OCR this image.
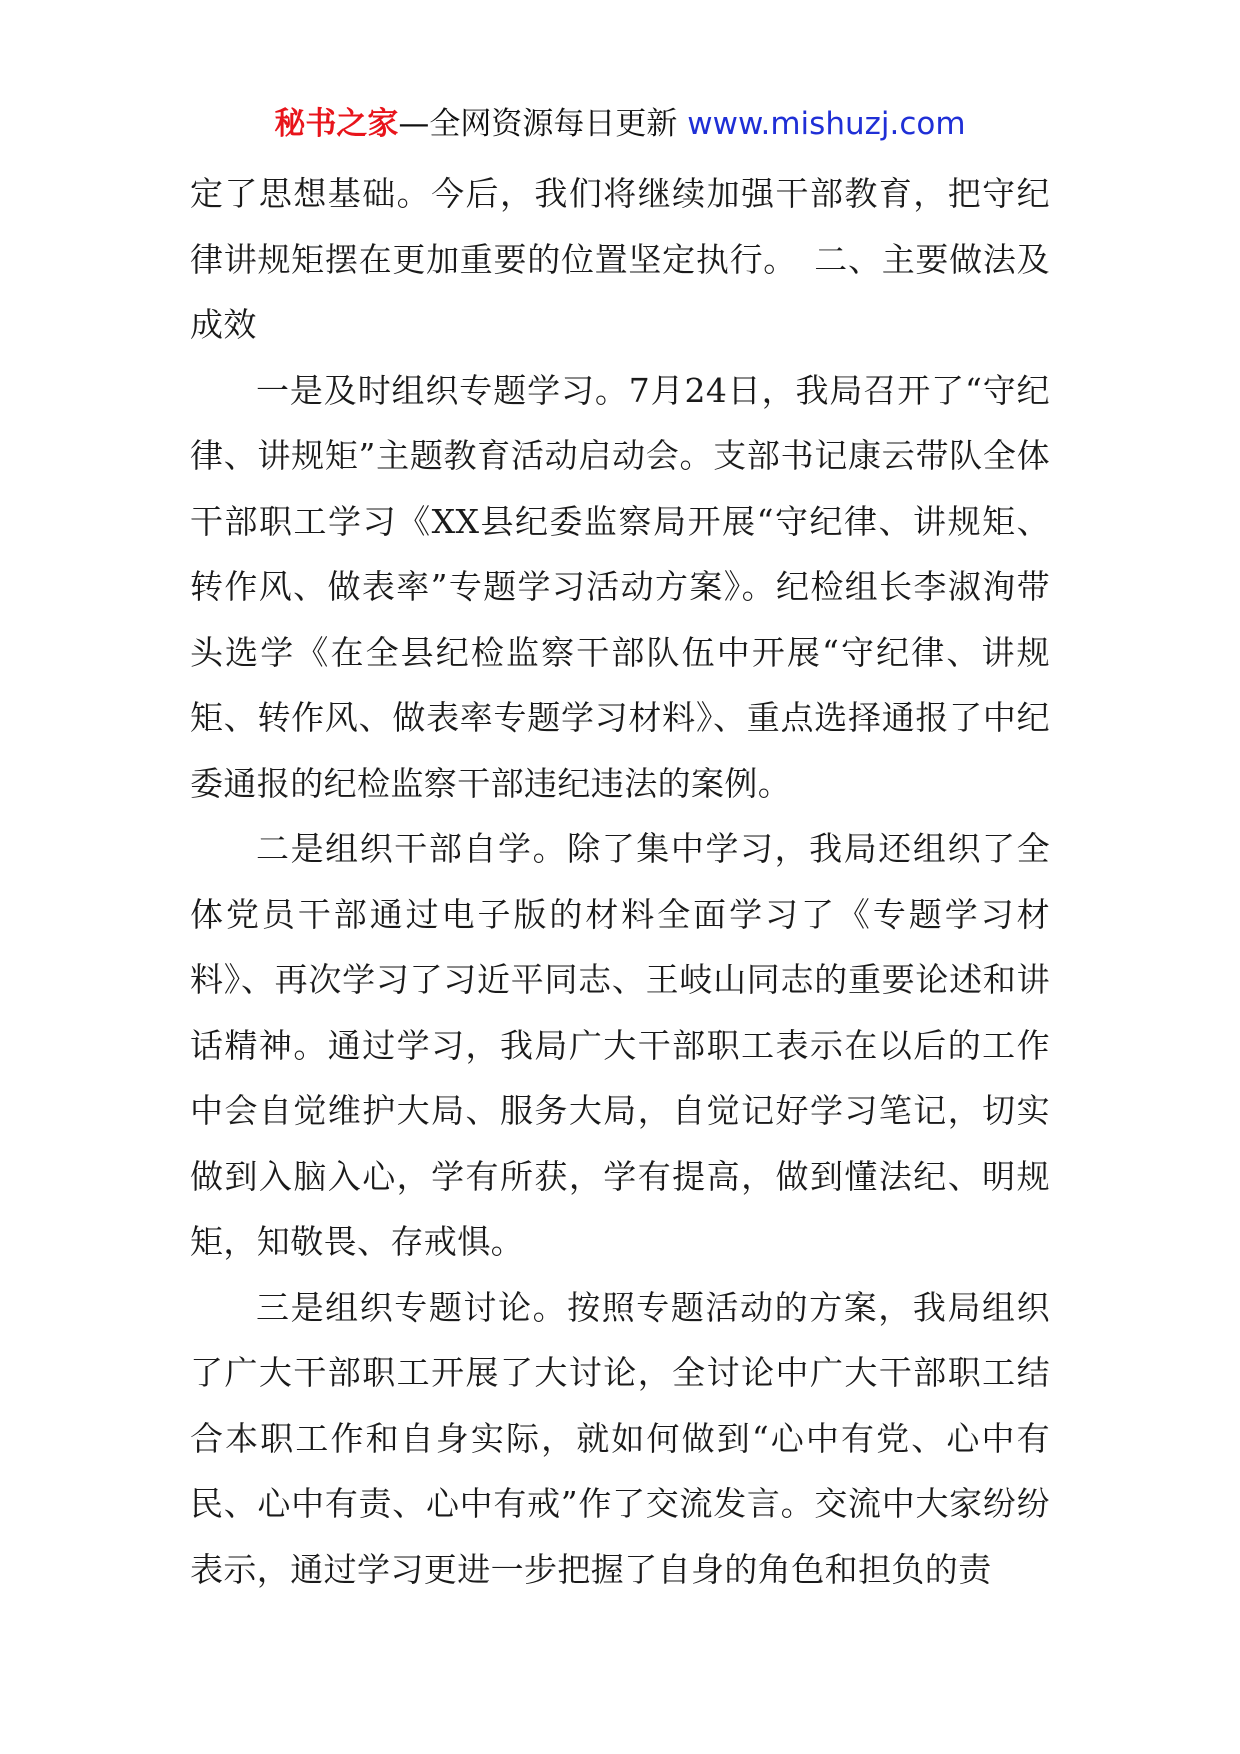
秘书之家—全网资源每日更新 www.mishuzj.com

定了思想基础。今后，我们将继续加强干部教育，把守纪律讲规矩摆在更加重要的位置坚定执行。　二、主要做法及成效

一是及时组织专题学习。7月24日，我局召开了“守纪律、讲规矩”主题教育活动启动会。支部书记康云带队全体干部职工学习《XX县纪委监察局开展“守纪律、讲规矩、转作风、做表率”专题学习活动方案》。纪检组长李淑洵带头选学《在全县纪检监察干部队伍中开展“守纪律、讲规矩、转作风、做表率专题学习材料》、重点选择通报了中纪委通报的纪检监察干部违纪违法的案例。

二是组织干部自学。除了集中学习，我局还组织了全体党员干部通过电子版的材料全面学习了《专题学习材料》、再次学习了习近平同志、王岐山同志的重要论述和讲话精神。通过学习，我局广大干部职工表示在以后的工作中会自觉维护大局、服务大局，自觉记好学习笔记，切实做到入脑入心，学有所获，学有提高，做到懂法纪、明规矩，知敬畏、存戒惧。

三是组织专题讨论。按照专题活动的方案，我局组织了广大干部职工开展了大讨论，全讨论中广大干部职工结合本职工作和自身实际，就如何做到“心中有党、心中有民、心中有责、心中有戒”作了交流发言。交流中大家纷纷表示，通过学习更进一步把握了自身的角色和担负的责
